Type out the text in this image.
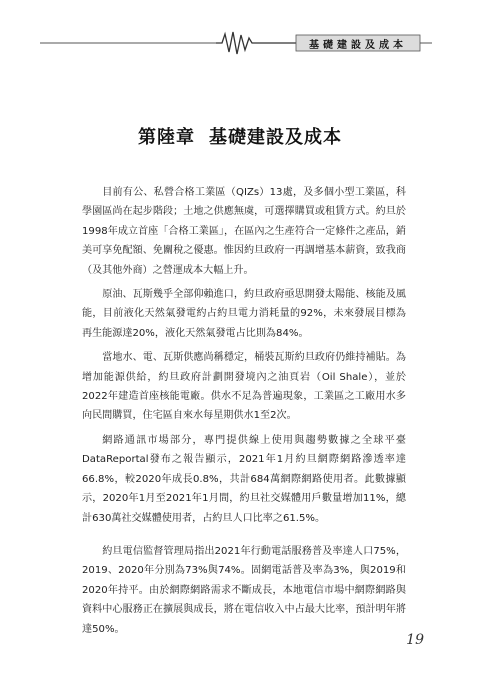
基礎建設及成本
第陸章 基礎建設及成本

目前有公、私營合格工業區（QIZs）13處，及多個小型工業區，科學園區尚在起步階段；土地之供應無虞，可選擇購買或租賃方式。約旦於1998年成立首座「合格工業區」，在區內之生產符合一定條件之產品，銷美可享免配額、免關稅之優惠。惟因約旦政府一再調增基本薪資，致我商（及其他外商）之營運成本大幅上升。

原油、瓦斯幾乎全部仰賴進口，約旦政府亟思開發太陽能、核能及風能，目前液化天然氣發電約占約旦電力消耗量的92%，未來發展目標為再生能源達20%，液化天然氣發電占比則為84%。

當地水、電、瓦斯供應尚稱穩定，桶裝瓦斯約旦政府仍維持補貼。為增加能源供給，約旦政府計劃開發境內之油頁岩（Oil Shale），並於2022年建造首座核能電廠。供水不足為普遍現象，工業區之工廠用水多向民間購買，住宅區自來水每星期供水1至2次。

網路通訊市場部分，專門提供線上使用與趨勢數據之全球平臺DataReportal發布之報告顯示，2021年1月約旦網際網路滲透率達66.8%，較2020年成長0.8%，共計684萬網際網路使用者。此數據顯示，2020年1月至2021年1月間，約旦社交媒體用戶數量增加11%，總計630萬社交媒體使用者，占約旦人口比率之61.5%。

約旦電信監督管理局指出2021年行動電話服務普及率達人口75%，2019、2020年分別為73%與74%。固網電話普及率為3%，與2019和2020年持平。由於網際網路需求不斷成長，本地電信市場中網際網路與資料中心服務正在擴展與成長，將在電信收入中占最大比率，預計明年將達50%。

19
